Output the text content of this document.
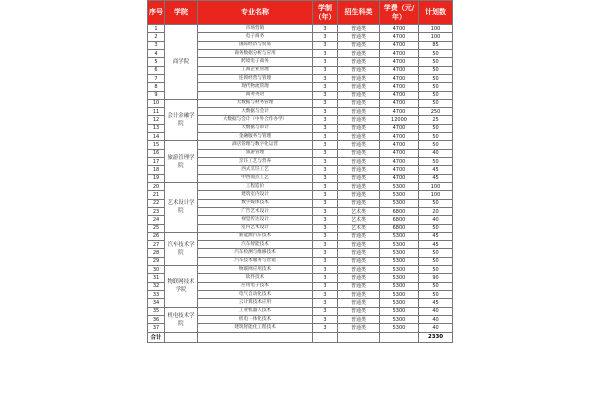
序号	学院	专业名称	学制（年）	招生科类	学费（元/年）	计划数
1	商学院	市场营销	3	普通类	4700	100
2		电子商务	3	普通类	4700	100
3		国际经济与贸易	3	普通类	4700	85
4		商务数据分析与应用	3	普通类	4700	50
5		跨境电子商务	3	普通类	4700	50
6		工商企业管理	3	普通类	4700	50
7		连锁经营与管理	3	普通类	4700	50
8		现代物流管理	3	普通类	4700	50
9		商务英语	3	普通类	4700	50
10	会计金融学院	大数据与财务管理	3	普通类	4700	50
11		大数据与会计	3	普通类	4700	250
12		大数据与会计（中外合作办学）	3	普通类	12000	25
13		大数据与审计	3	普通类	4700	50
14		金融服务与管理	3	普通类	4700	50
15	旅游管理学院	酒店管理与数字化运营	3	普通类	4700	50
16		旅游管理	3	普通类	4700	40
17		烹饪工艺与营养	3	普通类	4700	50
18		西式烹饪工艺	3	普通类	4700	45
19		中西面点工艺	3	普通类	4700	45
20	艺术设计学院	工程造价	3	普通类	5300	100
21		建筑室内设计	3	普通类	5300	100
22		数字媒体技术	3	普通类	5300	50
23		广告艺术设计	3	艺术类	6800	20
24		视觉传达设计	3	艺术类	6800	40
25		室内艺术设计	3	艺术类	6800	50
26	汽车技术学院	新能源汽车技术	3	普通类	5300	45
27		汽车智能技术	3	普通类	5300	45
28		汽车检测与维修技术	3	普通类	5300	50
29		汽车技术服务与营销	3	普通类	5300	50
30	物联网技术学院	物联网应用技术	3	普通类	5300	50
31		软件技术	3	普通类	5300	90
32		应用电子技术	3	普通类	5300	50
33		电气自动化技术	3	普通类	5300	50
34		云计算技术应用	3	普通类	5300	45
35	机电技术学院	工业机器人技术	3	普通类	5300	40
36		机电一体化技术	3	普通类	5300	40
37		建筑智能化工程技术	3	普通类	5300	40
合计						2330
